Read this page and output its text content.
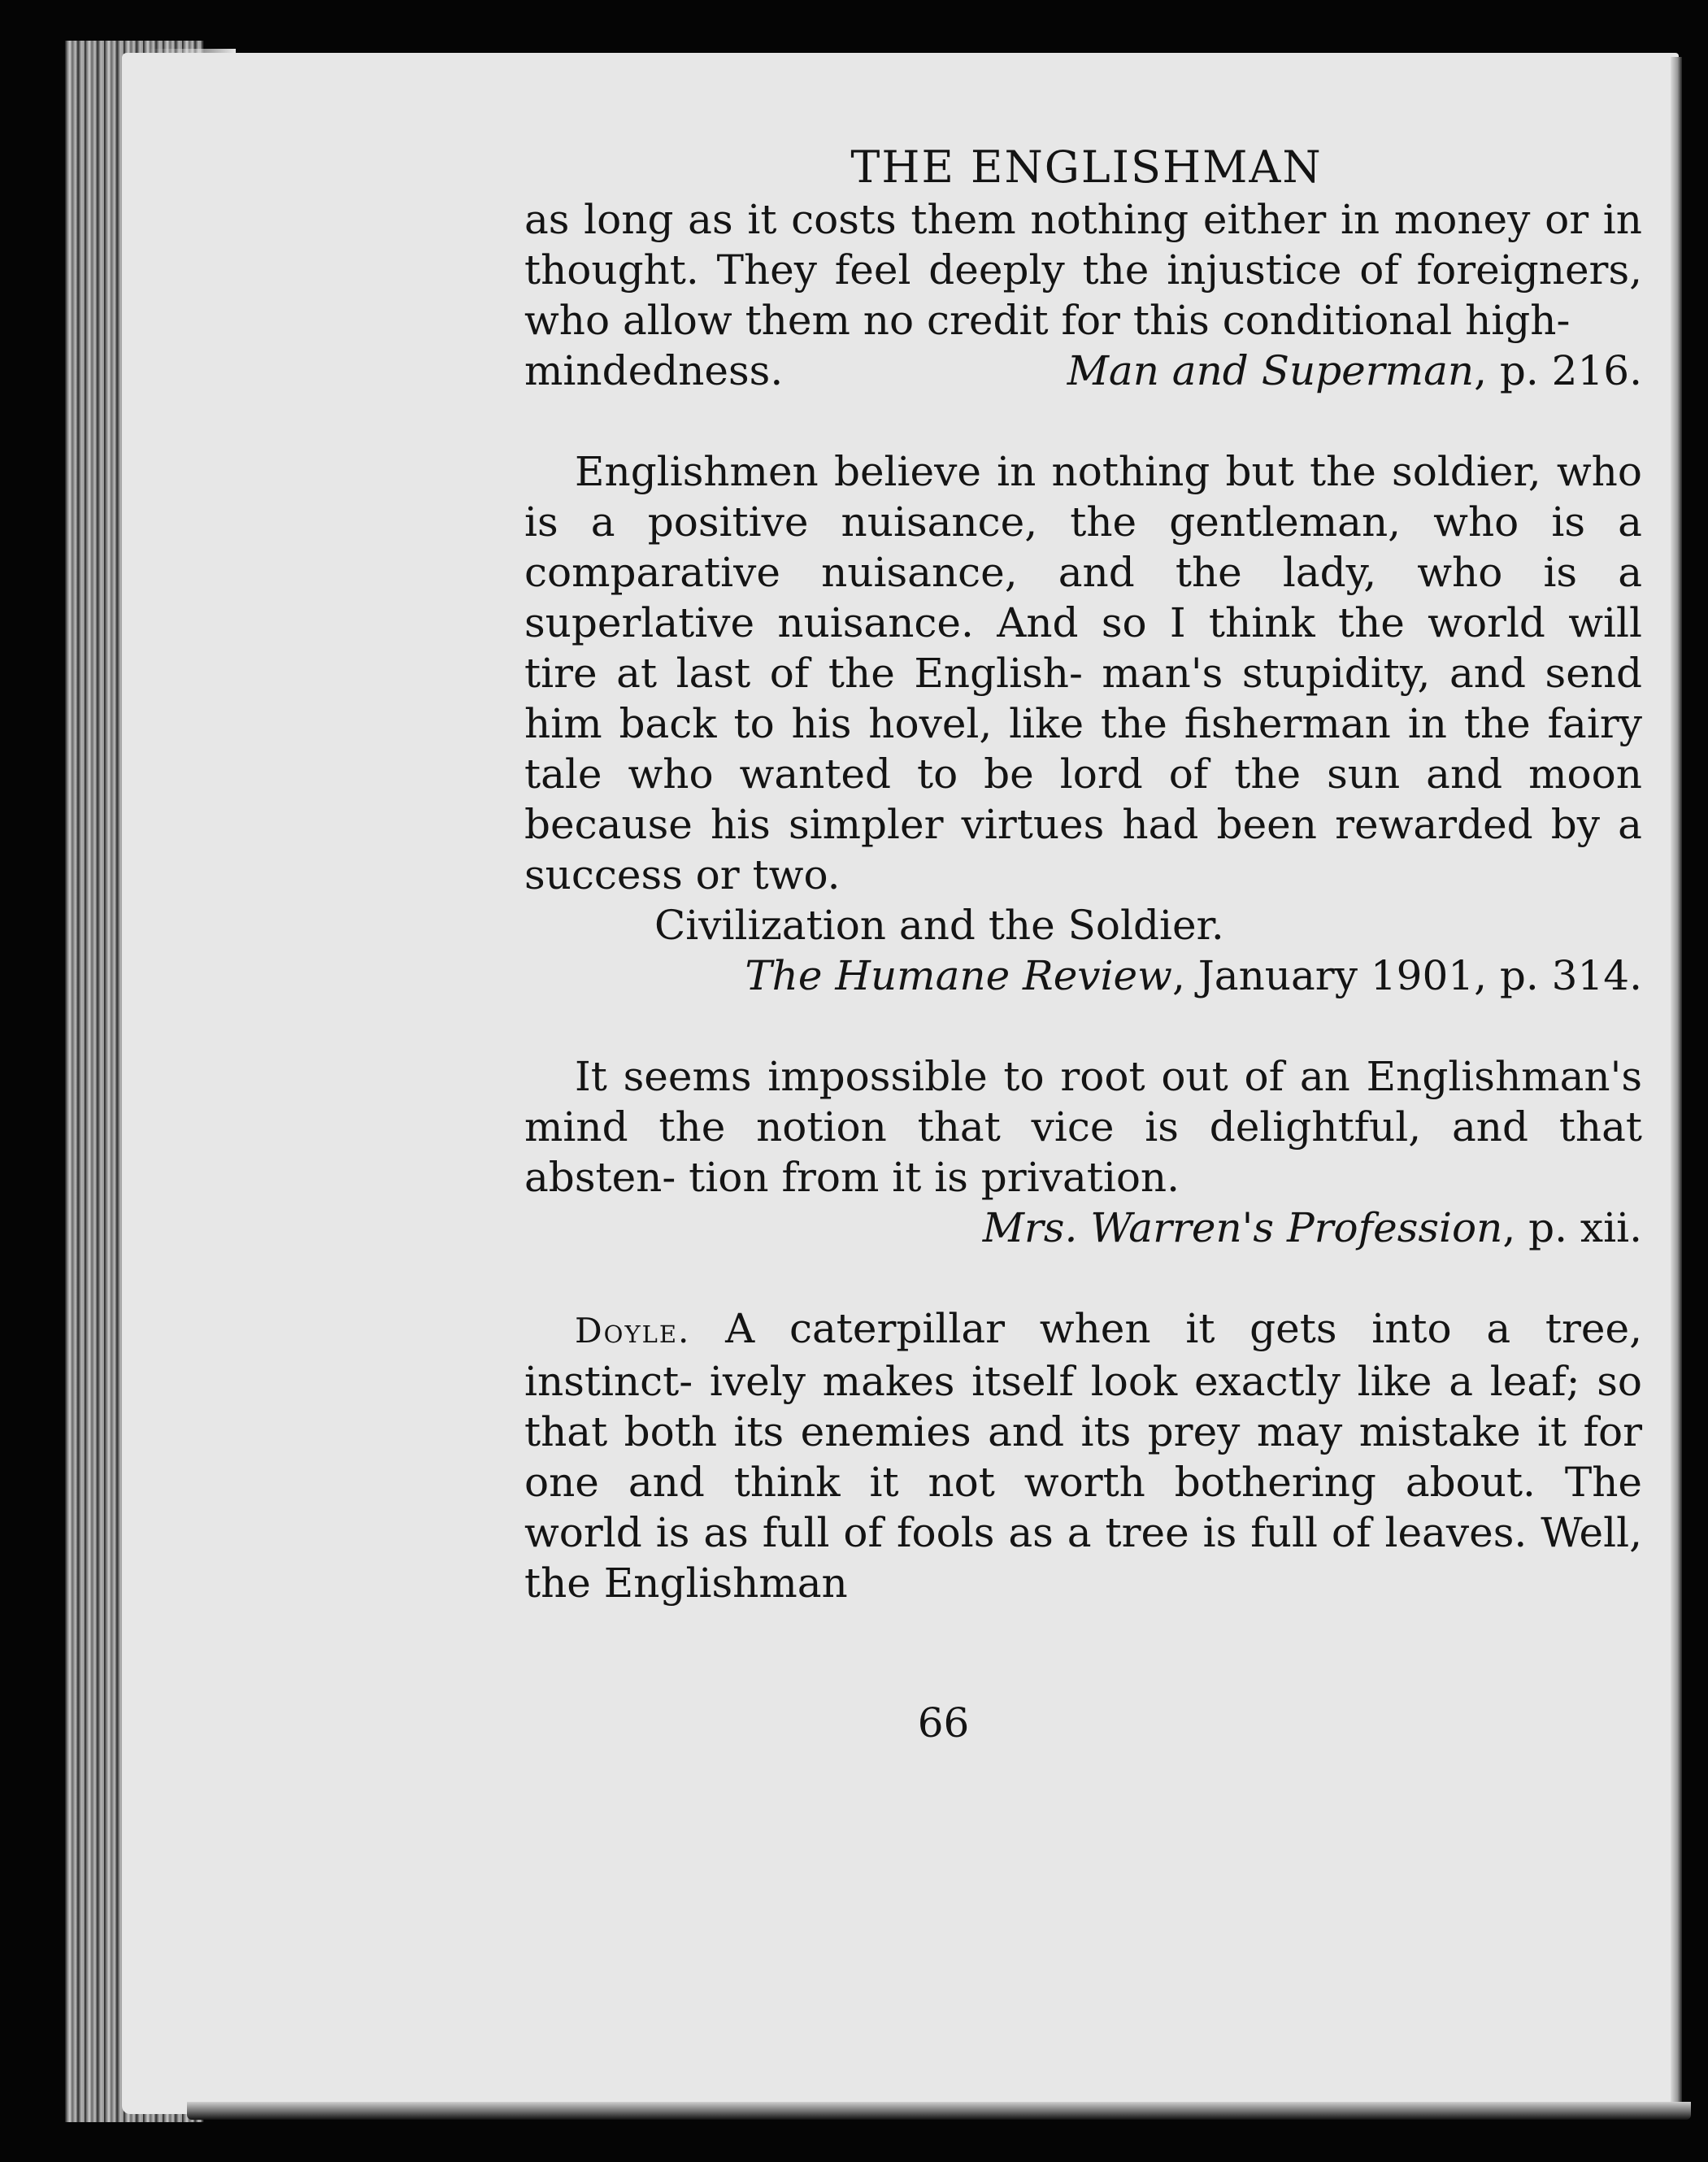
THE ENGLISHMAN

as long as it costs them nothing either in money or in thought. They feel deeply the injustice of foreigners, who allow them no credit for this conditional high-

mindedness.	Man and Superman, p. 216.

Englishmen believe in nothing but the soldier, who is a positive nuisance, the gentleman, who is a comparative nuisance, and the lady, who is a superlative nuisance. And so I think the world will tire at last of the English- man's stupidity, and send him back to his hovel, like the fisherman in the fairy tale who wanted to be lord of the sun and moon because his simpler virtues had been rewarded by a success or two.

Civilization and the Soldier.
The Humane Review, January 1901, p. 314.

It seems impossible to root out of an Englishman's mind the notion that vice is delightful, and that absten- tion from it is privation.

Mrs. Warren's Profession, p. xii.

Doyle. A caterpillar when it gets into a tree, instinct- ively makes itself look exactly like a leaf; so that both its enemies and its prey may mistake it for one and think it not worth bothering about. The world is as full of fools as a tree is full of leaves. Well, the Englishman

66
